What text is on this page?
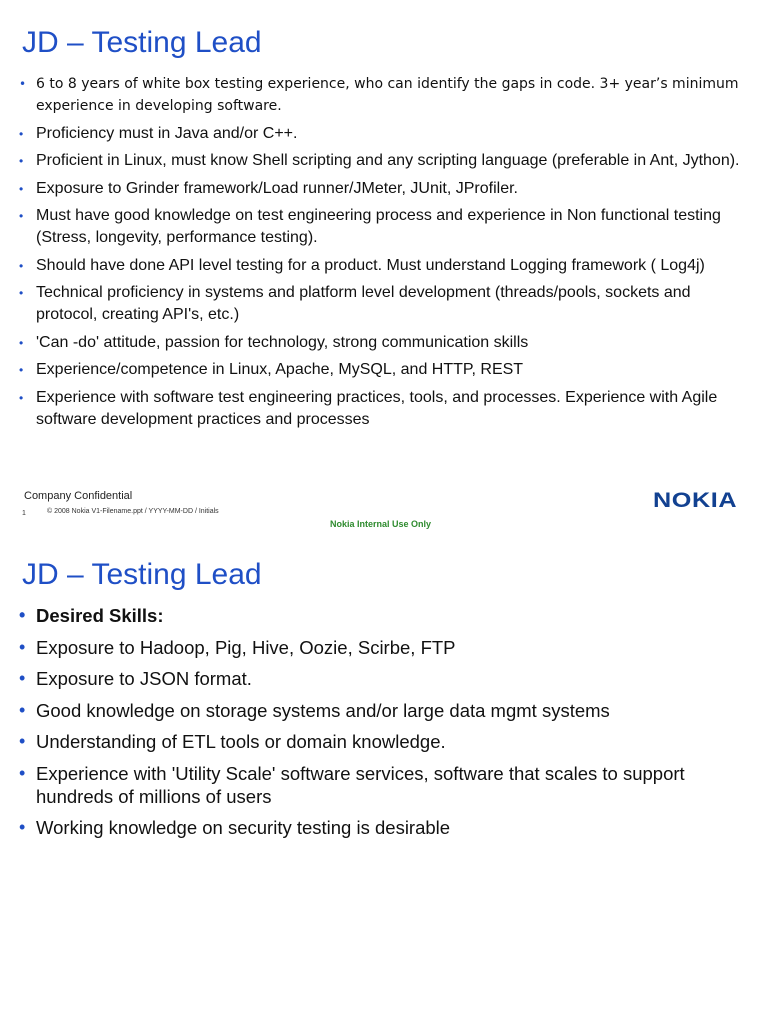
JD – Testing Lead
• 6 to 8 years of white box testing experience, who can identify the gaps in code. 3+ year’s minimum experience in developing software.
• Proficiency must in Java and/or C++.
• Proficient in Linux, must know Shell scripting and any scripting language (preferable in Ant, Jython).
• Exposure to Grinder framework/Load runner/JMeter, JUnit, JProfiler.
• Must have good knowledge on test engineering process and experience in Non functional testing (Stress, longevity, performance testing).
• Should have done API level testing for a product. Must understand Logging framework ( Log4j)
• Technical proficiency in systems and platform level development (threads/pools, sockets and protocol, creating API's, etc.)
• 'Can -do' attitude, passion for technology, strong communication skills
• Experience/competence in Linux, Apache, MySQL, and HTTP, REST
• Experience with software test engineering practices, tools, and processes. Experience with Agile software development practices and processes
Company Confidential
1	© 2008 Nokia V1-Filename.ppt / YYYY-MM-DD / Initials
Nokia Internal Use Only
NOKIA
JD – Testing Lead
• Desired Skills:
• Exposure to Hadoop, Pig, Hive, Oozie, Scirbe, FTP
• Exposure to JSON format.
• Good knowledge on storage systems and/or large data mgmt systems
• Understanding of ETL tools or domain knowledge.
• Experience with 'Utility Scale' software services, software that scales to support hundreds of millions of users
• Working knowledge on security testing is desirable
